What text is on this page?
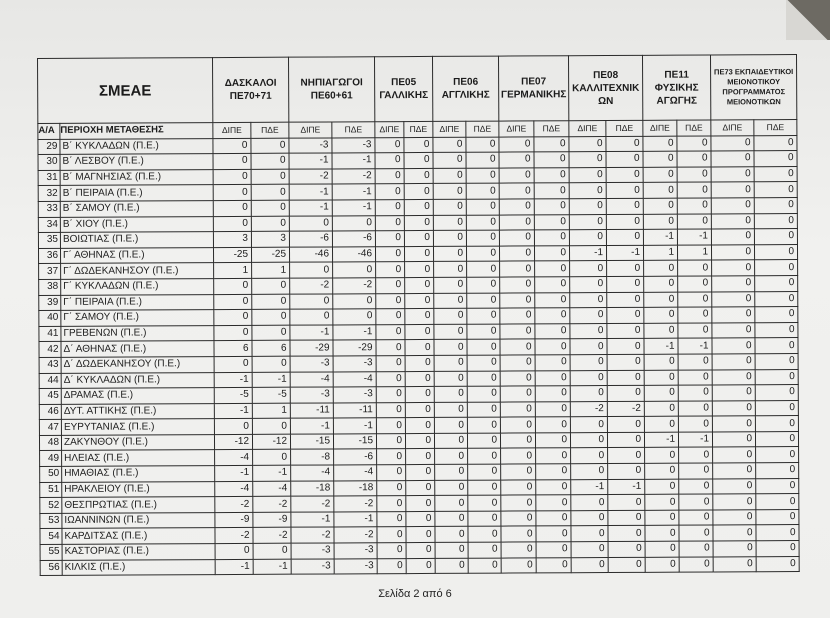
ΣΜΕΑΕ		ΔΑΣΚΑΛΟΙ ΠΕ70+71		ΝΗΠΙΑΓΩΓΟΙ ΠΕ60+61		ΠΕ05 ΓΑΛΛΙΚΗΣ		ΠΕ06 ΑΓΓΛΙΚΗΣ		ΠΕ07 ΓΕΡΜΑΝΙΚΗΣ		ΠΕ08 ΚΑΛΛΙΤΕΧΝΙΚ ΩΝ		ΠΕ11 ΦΥΣΙΚΗΣ ΑΓΩΓΗΣ		ΠΕ73 ΕΚΠΑΙΔΕΥΤΙΚΟΙ ΜΕΙΟΝΟΤΙΚΟΥ ΠΡΟΓΡΑΜΜΑΤΟΣ ΜΕΙΟΝΟΤΙΚΩΝ	
Α/Α	ΠΕΡΙΟΧΗ ΜΕΤΑΘΕΣΗΣ	ΔΙΠΕ	ΠΔΕ	ΔΙΠΕ	ΠΔΕ	ΔΙΠΕ	ΠΔΕ	ΔΙΠΕ	ΠΔΕ	ΔΙΠΕ	ΠΔΕ	ΔΙΠΕ	ΠΔΕ	ΔΙΠΕ	ΠΔΕ	ΔΙΠΕ	ΠΔΕ
29	Β΄ ΚΥΚΛΑΔΩΝ (Π.Ε.)	0	0	-3	-3	0	0	0	0	0	0	0	0	0	0	0	0
30	Β΄ ΛΕΣΒΟΥ (Π.Ε.)	0	0	-1	-1	0	0	0	0	0	0	0	0	0	0	0	0
31	Β΄ ΜΑΓΝΗΣΙΑΣ (Π.Ε.)	0	0	-2	-2	0	0	0	0	0	0	0	0	0	0	0	0
32	Β΄ ΠΕΙΡΑΙΑ (Π.Ε.)	0	0	-1	-1	0	0	0	0	0	0	0	0	0	0	0	0
33	Β΄ ΣΑΜΟΥ (Π.Ε.)	0	0	-1	-1	0	0	0	0	0	0	0	0	0	0	0	0
34	Β΄ ΧΙΟΥ (Π.Ε.)	0	0	0	0	0	0	0	0	0	0	0	0	0	0	0	0
35	ΒΟΙΩΤΙΑΣ (Π.Ε.)	3	3	-6	-6	0	0	0	0	0	0	0	0	-1	-1	0	0
36	Γ΄ ΑΘΗΝΑΣ (Π.Ε.)	-25	-25	-46	-46	0	0	0	0	0	0	-1	-1	1	1	0	0
37	Γ΄ ΔΩΔΕΚΑΝΗΣΟΥ (Π.Ε.)	1	1	0	0	0	0	0	0	0	0	0	0	0	0	0	0
38	Γ΄ ΚΥΚΛΑΔΩΝ (Π.Ε.)	0	0	-2	-2	0	0	0	0	0	0	0	0	0	0	0	0
39	Γ΄ ΠΕΙΡΑΙΑ (Π.Ε.)	0	0	0	0	0	0	0	0	0	0	0	0	0	0	0	0
40	Γ΄ ΣΑΜΟΥ (Π.Ε.)	0	0	0	0	0	0	0	0	0	0	0	0	0	0	0	0
41	ΓΡΕΒΕΝΩΝ (Π.Ε.)	0	0	-1	-1	0	0	0	0	0	0	0	0	0	0	0	0
42	Δ΄ ΑΘΗΝΑΣ (Π.Ε.)	6	6	-29	-29	0	0	0	0	0	0	0	0	-1	-1	0	0
43	Δ΄ ΔΩΔΕΚΑΝΗΣΟΥ (Π.Ε.)	0	0	-3	-3	0	0	0	0	0	0	0	0	0	0	0	0
44	Δ΄ ΚΥΚΛΑΔΩΝ (Π.Ε.)	-1	-1	-4	-4	0	0	0	0	0	0	0	0	0	0	0	0
45	ΔΡΑΜΑΣ (Π.Ε.)	-5	-5	-3	-3	0	0	0	0	0	0	0	0	0	0	0	0
46	ΔΥΤ. ΑΤΤΙΚΗΣ (Π.Ε.)	-1	1	-11	-11	0	0	0	0	0	0	-2	-2	0	0	0	0
47	ΕΥΡΥΤΑΝΙΑΣ (Π.Ε.)	0	0	-1	-1	0	0	0	0	0	0	0	0	0	0	0	0
48	ΖΑΚΥΝΘΟΥ (Π.Ε.)	-12	-12	-15	-15	0	0	0	0	0	0	0	0	-1	-1	0	0
49	ΗΛΕΙΑΣ (Π.Ε.)	-4	0	-8	-6	0	0	0	0	0	0	0	0	0	0	0	0
50	ΗΜΑΘΙΑΣ (Π.Ε.)	-1	-1	-4	-4	0	0	0	0	0	0	0	0	0	0	0	0
51	ΗΡΑΚΛΕΙΟΥ (Π.Ε.)	-4	-4	-18	-18	0	0	0	0	0	0	-1	-1	0	0	0	0
52	ΘΕΣΠΡΩΤΙΑΣ (Π.Ε.)	-2	-2	-2	-2	0	0	0	0	0	0	0	0	0	0	0	0
53	ΙΩΑΝΝΙΝΩΝ (Π.Ε.)	-9	-9	-1	-1	0	0	0	0	0	0	0	0	0	0	0	0
54	ΚΑΡΔΙΤΣΑΣ (Π.Ε.)	-2	-2	-2	-2	0	0	0	0	0	0	0	0	0	0	0	0
55	ΚΑΣΤΟΡΙΑΣ (Π.Ε.)	0	0	-3	-3	0	0	0	0	0	0	0	0	0	0	0	0
56	ΚΙΛΚΙΣ (Π.Ε.)	-1	-1	-3	-3	0	0	0	0	0	0	0	0	0	0	0	0
Σελίδα 2 από 6
